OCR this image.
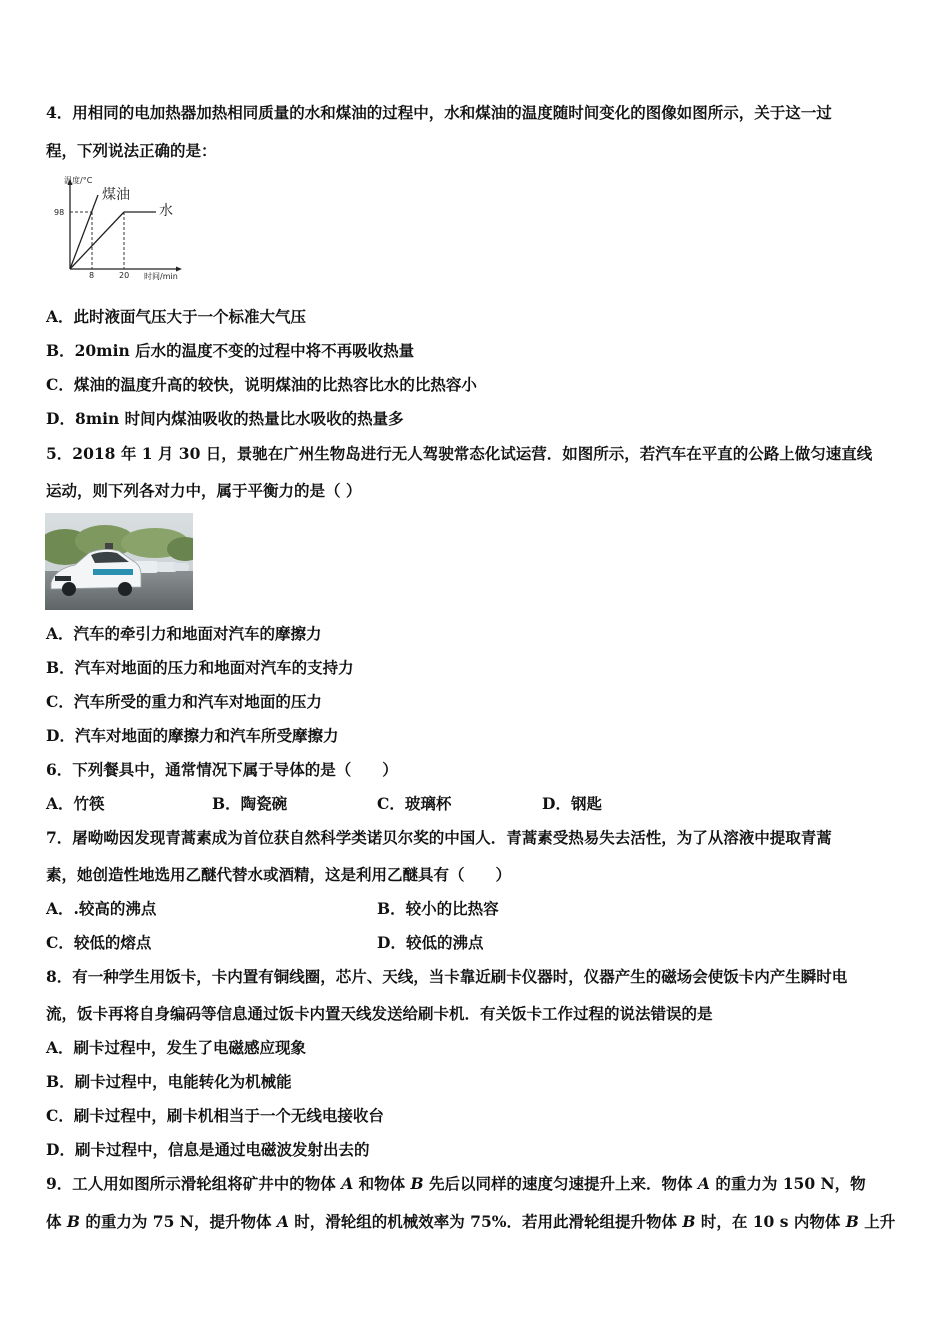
4．用相同的电加热器加热相同质量的水和煤油的过程中，水和煤油的温度随时间变化的图像如图所示，关于这一过
程，下列说法正确的是：
温度/°C
98
8	20 时间/min
煤油
水
A．此时液面气压大于一个标准大气压
B．20min 后水的温度不变的过程中将不再吸收热量
C．煤油的温度升高的较快，说明煤油的比热容比水的比热容小
D．8min 时间内煤油吸收的热量比水吸收的热量多
5．2018 年 1 月 30 日，景驰在广州生物岛进行无人驾驶常态化试运营．如图所示，若汽车在平直的公路上做匀速直线
运动，则下列各对力中，属于平衡力的是（ ）
A．汽车的牵引力和地面对汽车的摩擦力
B．汽车对地面的压力和地面对汽车的支持力
C．汽车所受的重力和汽车对地面的压力
D．汽车对地面的摩擦力和汽车所受摩擦力
6．下列餐具中，通常情况下属于导体的是（　　）
A．竹筷	B．陶瓷碗	C．玻璃杯	D．钢匙
7．屠呦呦因发现青蒿素成为首位获自然科学类诺贝尔奖的中国人．青蒿素受热易失去活性，为了从溶液中提取青蒿
素，她创造性地选用乙醚代替水或酒精，这是利用乙醚具有（　　）
A．.较高的沸点	B．较小的比热容
C．较低的熔点	D．较低的沸点
8．有一种学生用饭卡，卡内置有铜线圈，芯片、天线，当卡靠近刷卡仪器时，仪器产生的磁场会使饭卡内产生瞬时电
流，饭卡再将自身编码等信息通过饭卡内置天线发送给刷卡机．有关饭卡工作过程的说法错误的是
A．刷卡过程中，发生了电磁感应现象
B．刷卡过程中，电能转化为机械能
C．刷卡过程中，刷卡机相当于一个无线电接收台
D．刷卡过程中，信息是通过电磁波发射出去的
9．工人用如图所示滑轮组将矿井中的物体 A 和物体 B 先后以同样的速度匀速提升上来．物体 A 的重力为 150 N，物
体 B 的重力为 75 N，提升物体 A 时，滑轮组的机械效率为 75%．若用此滑轮组提升物体 B 时，在 10 s 内物体 B 上升
